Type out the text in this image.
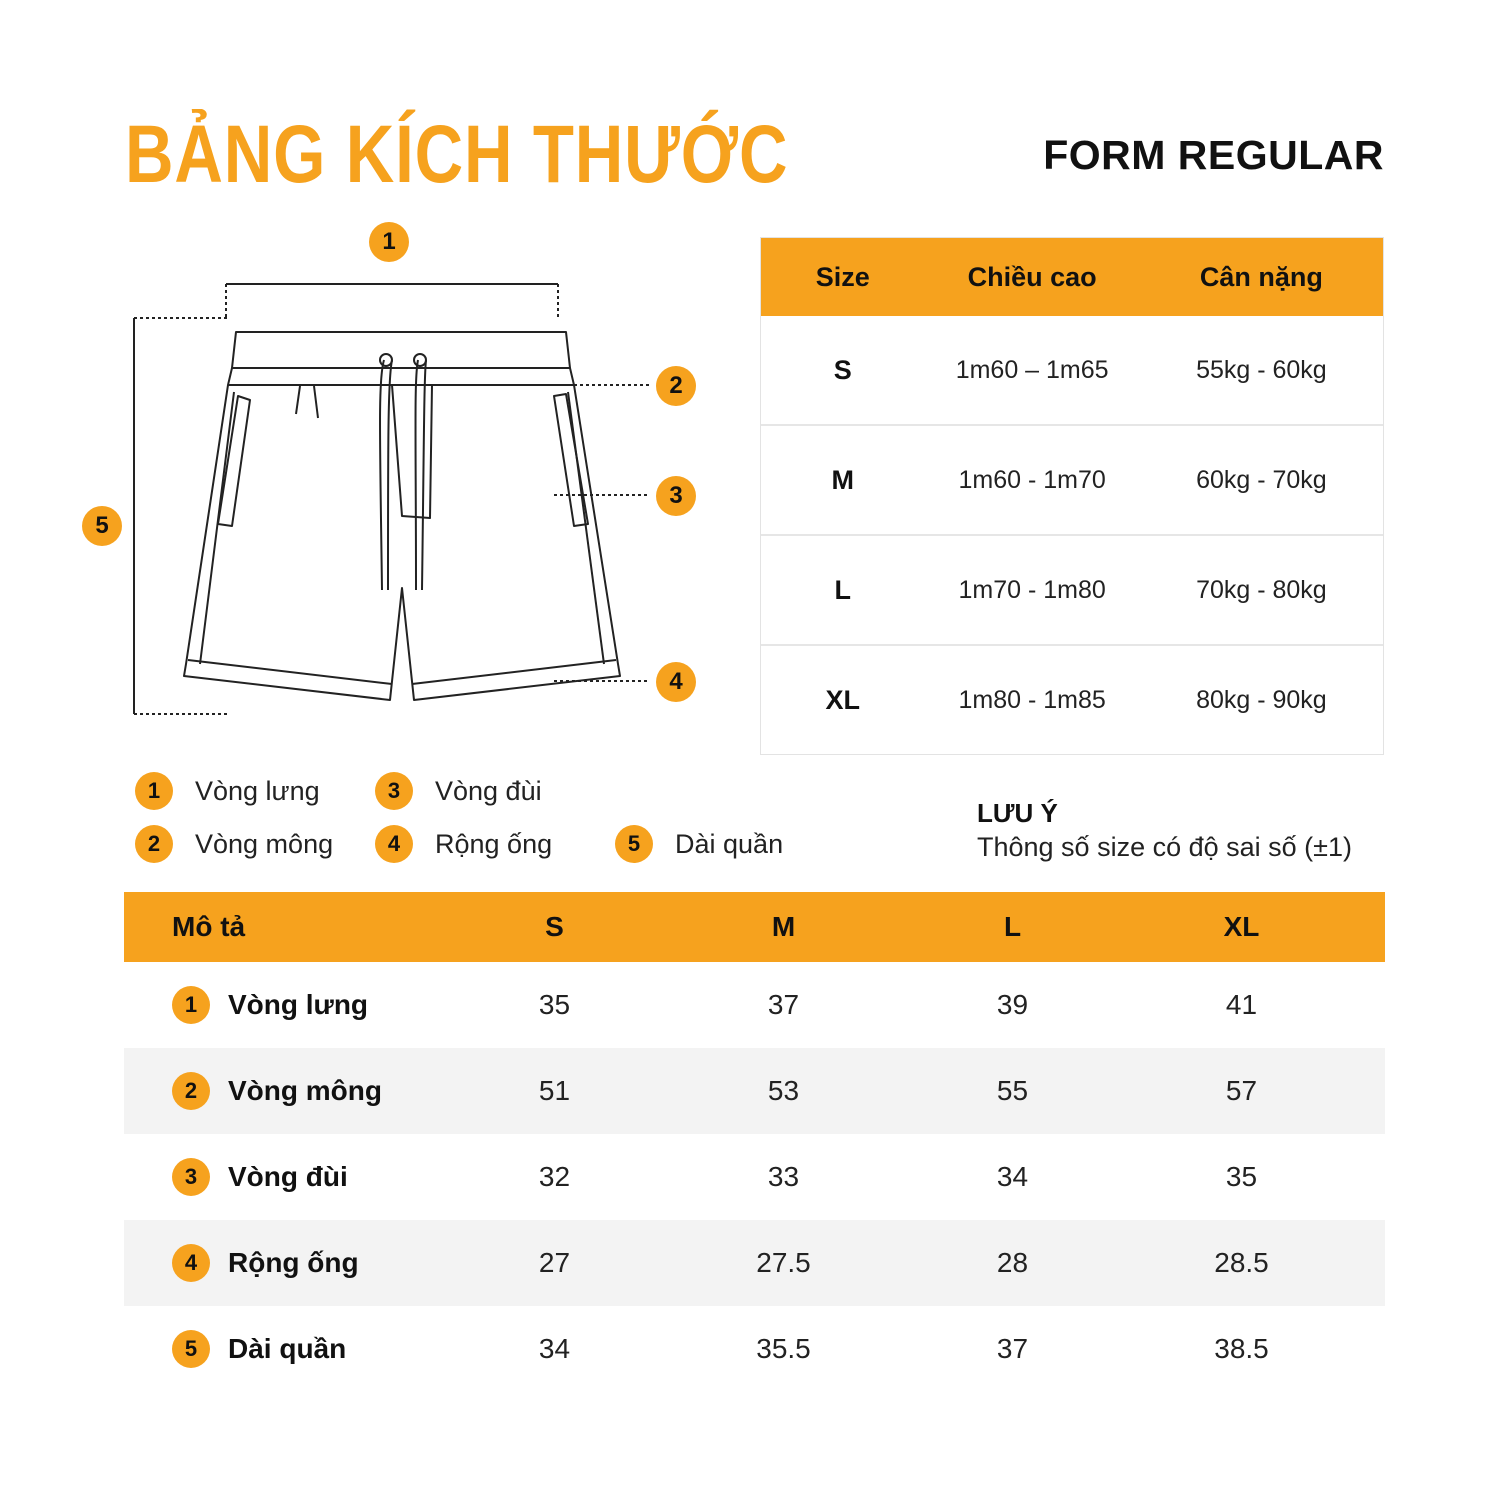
BẢNG KÍCH THƯỚC	FORM REGULAR
1
2
3
4
5
Size	Chiều cao	Cân nặng
S	1m60 – 1m65	55kg - 60kg
M	1m60 - 1m70	60kg - 70kg
L	1m70 - 1m80	70kg - 80kg
XL	1m80 - 1m85	80kg - 90kg
1	Vòng lưng
2	Vòng mông
3	Vòng đùi
4	Rộng ống	5	Dài quần
LƯU Ý
Thông số size có độ sai số (±1)
Mô tả	S	M	L	XL
1	Vòng lưng	35	37	39	41
2	Vòng mông	51	53	55	57
3	Vòng đùi	32	33	34	35
4	Rộng ống	27	27.5	28	28.5
5	Dài quần	34	35.5	37	38.5
